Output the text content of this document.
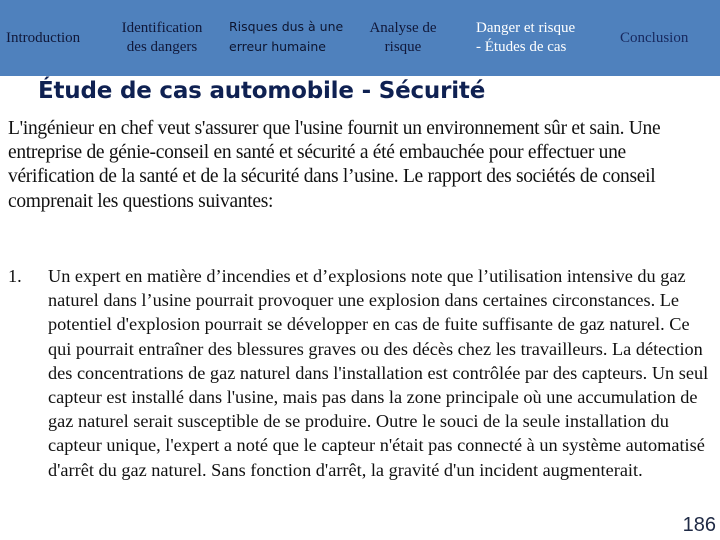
Introduction
Identification
des dangers
Risques dus à une
erreur humaine
Analyse de
risque
Danger et risque
- Études de cas
Conclusion
Étude de cas automobile - Sécurité

L'ingénieur en chef veut s'assurer que l'usine fournit un environnement sûr et sain. Une entreprise de génie-conseil en santé et sécurité a été embauchée pour effectuer une vérification de la santé et de la sécurité dans l’usine. Le rapport des sociétés de conseil comprenait les questions suivantes:

1.	Un expert en matière d’incendies et d’explosions note que l’utilisation intensive du gaz naturel dans l’usine pourrait provoquer une explosion dans certaines circonstances. Le potentiel d'explosion pourrait se développer en cas de fuite suffisante de gaz naturel. Ce qui pourrait entraîner des blessures graves ou des décès chez les travailleurs. La détection des concentrations de gaz naturel dans l'installation est contrôlée par des capteurs. Un seul capteur est installé dans l'usine, mais pas dans la zone principale où une accumulation de gaz naturel serait susceptible de se produire. Outre le souci de la seule installation du capteur unique, l'expert a noté que le capteur n'était pas connecté à un système automatisé d'arrêt du gaz naturel. Sans fonction d'arrêt, la gravité d'un incident augmenterait.

186
